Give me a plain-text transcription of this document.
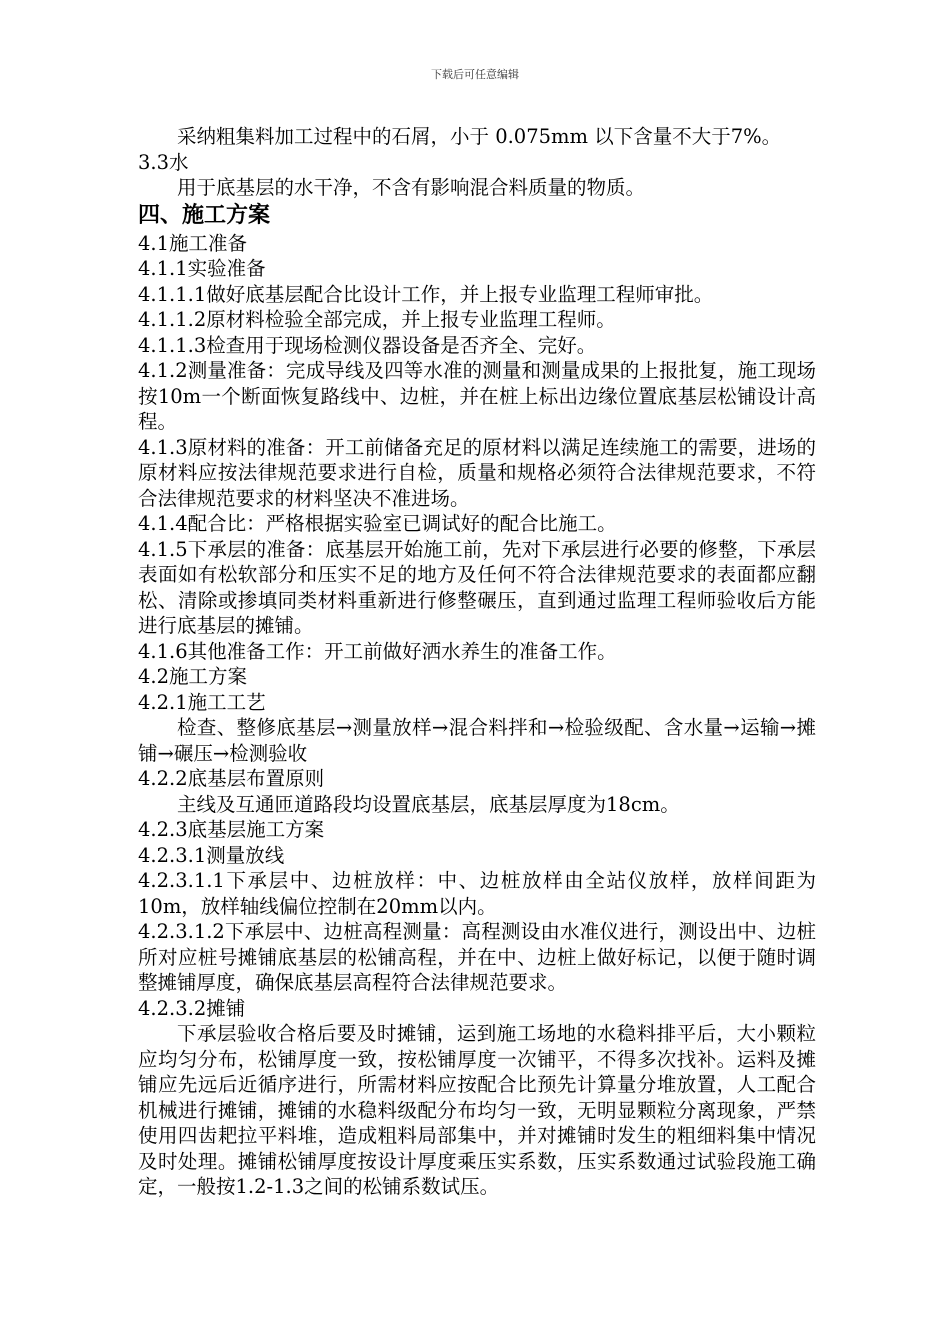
下载后可任意编辑

采纳粗集料加工过程中的石屑，小于 0.075mm 以下含量不大于7%。

3.3水

用于底基层的水干净，不含有影响混合料质量的物质。

四、施工方案

4.1施工准备

4.1.1实验准备

4.1.1.1做好底基层配合比设计工作，并上报专业监理工程师审批。

4.1.1.2原材料检验全部完成，并上报专业监理工程师。

4.1.1.3检查用于现场检测仪器设备是否齐全、完好。

4.1.2测量准备：完成导线及四等水准的测量和测量成果的上报批复，施工现场按10m一个断面恢复路线中、边桩，并在桩上标出边缘位置底基层松铺设计高程。

4.1.3原材料的准备：开工前储备充足的原材料以满足连续施工的需要，进场的原材料应按法律规范要求进行自检，质量和规格必须符合法律规范要求，不符合法律规范要求的材料坚决不准进场。

4.1.4配合比：严格根据实验室已调试好的配合比施工。

4.1.5下承层的准备：底基层开始施工前，先对下承层进行必要的修整，下承层表面如有松软部分和压实不足的地方及任何不符合法律规范要求的表面都应翻松、清除或掺填同类材料重新进行修整碾压，直到通过监理工程师验收后方能进行底基层的摊铺。

4.1.6其他准备工作：开工前做好洒水养生的准备工作。

4.2施工方案

4.2.1施工工艺

检查、整修底基层→测量放样→混合料拌和→检验级配、含水量→运输→摊铺→碾压→检测验收

4.2.2底基层布置原则

主线及互通匝道路段均设置底基层，底基层厚度为18cm。

4.2.3底基层施工方案

4.2.3.1测量放线

4.2.3.1.1下承层中、边桩放样：中、边桩放样由全站仪放样，放样间距为10m，放样轴线偏位控制在20mm以内。

4.2.3.1.2下承层中、边桩高程测量：高程测设由水准仪进行，测设出中、边桩所对应桩号摊铺底基层的松铺高程，并在中、边桩上做好标记，以便于随时调整摊铺厚度，确保底基层高程符合法律规范要求。

4.2.3.2摊铺

下承层验收合格后要及时摊铺，运到施工场地的水稳料排平后，大小颗粒应均匀分布，松铺厚度一致，按松铺厚度一次铺平，不得多次找补。运料及摊铺应先远后近循序进行，所需材料应按配合比预先计算量分堆放置，人工配合机械进行摊铺，摊铺的水稳料级配分布均匀一致，无明显颗粒分离现象，严禁使用四齿耙拉平料堆，造成粗料局部集中，并对摊铺时发生的粗细料集中情况及时处理。摊铺松铺厚度按设计厚度乘压实系数，压实系数通过试验段施工确定，一般按1.2-1.3之间的松铺系数试压。
